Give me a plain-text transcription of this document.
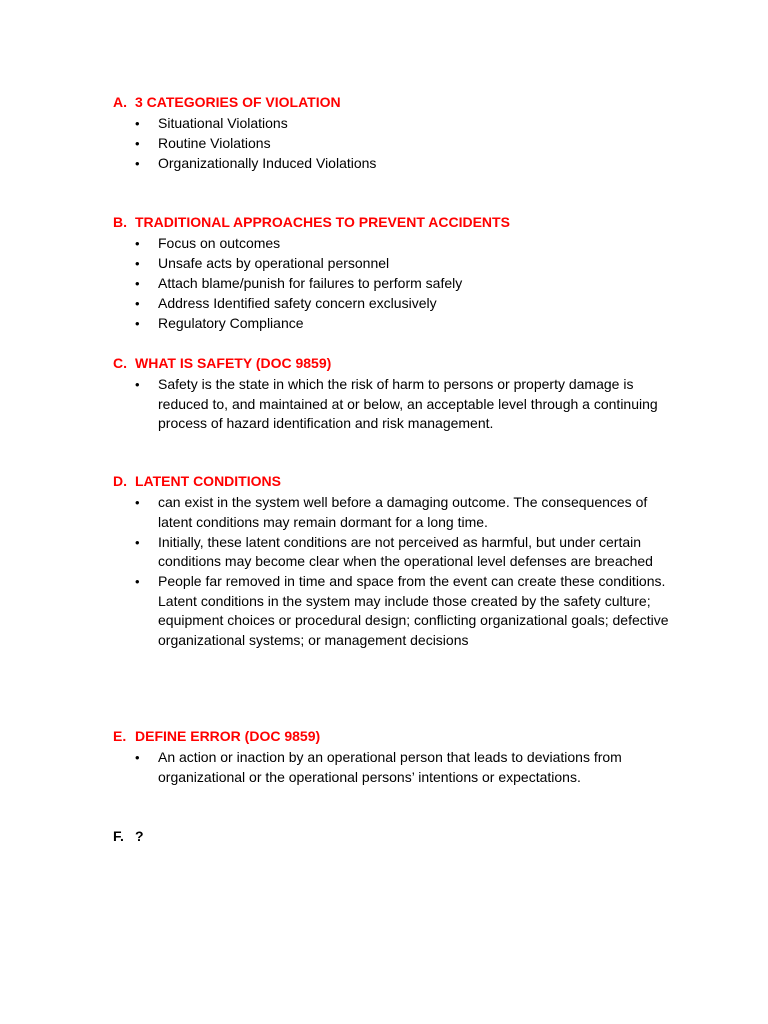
A. 3 CATEGORIES OF VIOLATION
• Situational Violations
• Routine Violations
• Organizationally Induced Violations
B. TRADITIONAL APPROACHES TO PREVENT ACCIDENTS
• Focus on outcomes
• Unsafe acts by operational personnel
• Attach blame/punish for failures to perform safely
• Address Identified safety concern exclusively
• Regulatory Compliance
C. WHAT IS SAFETY (DOC 9859)
• Safety is the state in which the risk of harm to persons or property damage is reduced to, and maintained at or below, an acceptable level through a continuing process of hazard identification and risk management.
D. LATENT CONDITIONS
• can exist in the system well before a damaging outcome. The consequences of latent conditions may remain dormant for a long time.
• Initially, these latent conditions are not perceived as harmful, but under certain conditions may become clear when the operational level defenses are breached
• People far removed in time and space from the event can create these conditions. Latent conditions in the system may include those created by the safety culture; equipment choices or procedural design; conflicting organizational goals; defective organizational systems; or management decisions
E. DEFINE ERROR (DOC 9859)
• An action or inaction by an operational person that leads to deviations from organizational or the operational persons’ intentions or expectations.
F. ?
